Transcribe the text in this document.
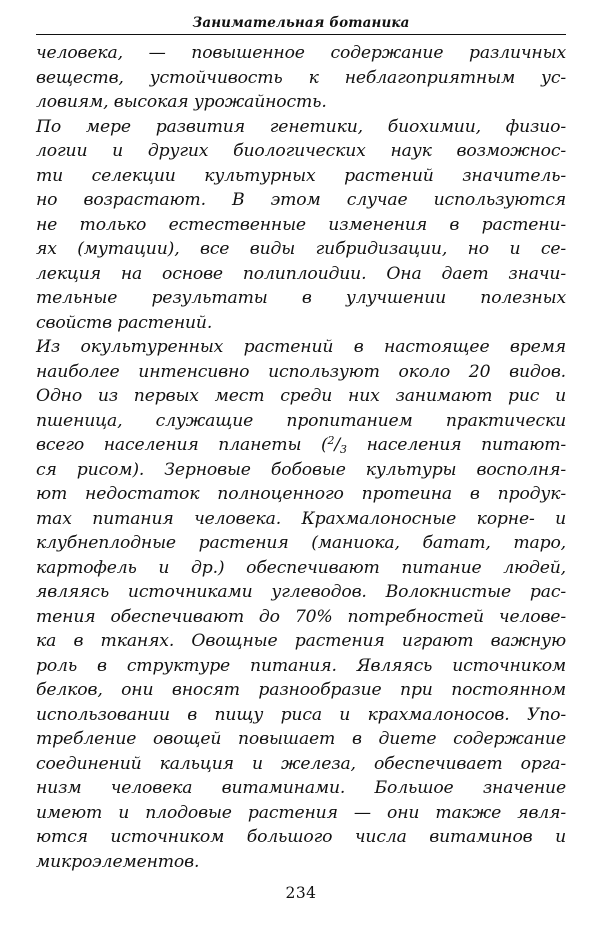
Занимательная ботаника
человека, — повышенное содержание различных
веществ, устойчивость к неблагоприятным ус-
ловиям, высокая урожайность.
По мере развития генетики, биохимии, физио-
логии и других биологических наук возможнос-
ти селекции культурных растений значитель-
но возрастают. В этом случае используются
не только естественные изменения в растени-
ях (мутации), все виды гибридизации, но и се-
лекция на основе полиплоидии. Она дает значи-
тельные результаты в улучшении полезных
свойств растений.
Из окультуренных растений в настоящее время
наиболее интенсивно используют около 20 видов.
Одно из первых мест среди них занимают рис и
пшеница, служащие пропитанием практически
всего населения планеты ($^2/_3$ населения питают-
ся рисом). Зерновые бобовые культуры восполня-
ют недостаток полноценного протеина в продук-
тах питания человека. Крахмалоносные корне- и
клубнеплодные растения (маниока, батат, таро,
картофель и др.) обеспечивают питание людей,
являясь источниками углеводов. Волокнистые рас-
тения обеспечивают до 70% потребностей челове-
ка в тканях. Овощные растения играют важную
роль в структуре питания. Являясь источником
белков, они вносят разнообразие при постоянном
использовании в пищу риса и крахмалоносов. Упо-
требление овощей повышает в диете содержание
соединений кальция и железа, обеспечивает орга-
низм человека витаминами. Большое значение
имеют и плодовые растения — они также явля-
ются источником большого числа витаминов и
микроэлементов.
234
